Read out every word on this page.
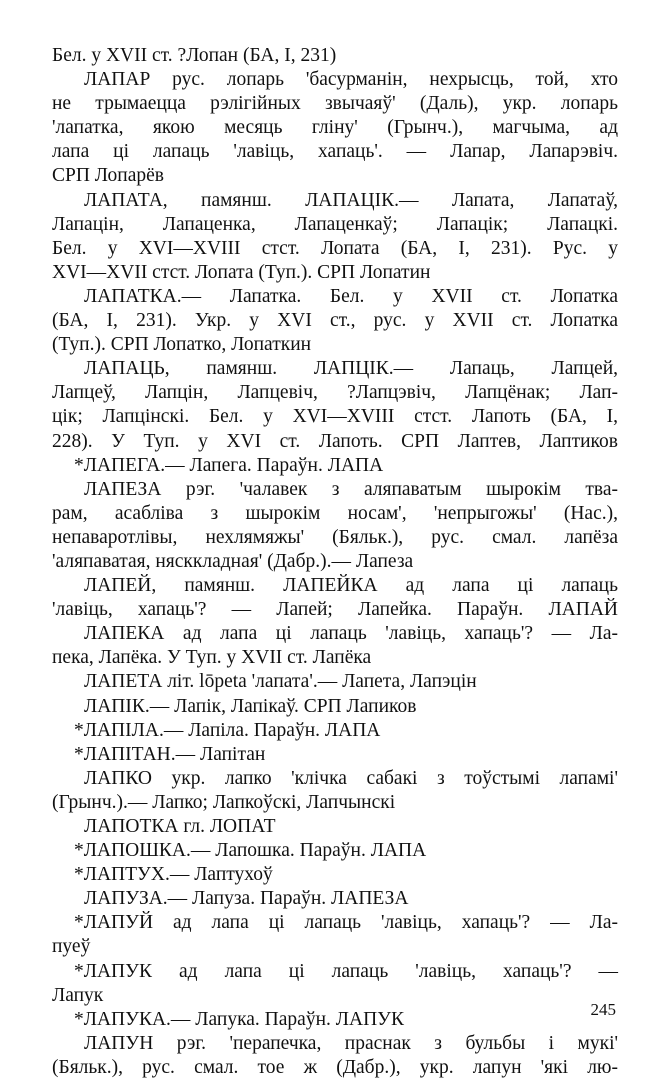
Бел. у XVII ст. ?Лопан (БА, I, 231)
ЛАПАР рус. лопарь 'басурманін, нехрысць, той, хто
не трымаецца рэлігійных звычаяў' (Даль), укр. лопарь
'лапатка, якою месяць гліну' (Грынч.), магчыма, ад
лапа ці лапаць 'лавіць, хапаць'. — Лапар, Лапарэвіч.
СРП Лопарёв
ЛАПАТА, памянш. ЛАПАЦІК.— Лапата, Лапатаў,
Лапацін, Лапаценка, Лапаценкаў; Лапацік; Лапацкі.
Бел. у XVI—XVIII стст. Лопата (БА, I, 231). Рус. у
XVI—XVII стст. Лопата (Туп.). СРП Лопатин
ЛАПАТКА.— Лапатка. Бел. у XVII ст. Лопатка
(БА, I, 231). Укр. у XVI ст., рус. у XVII ст. Лопатка
(Туп.). СРП Лопатко, Лопаткин
ЛАПАЦЬ, памянш. ЛАПЦІК.— Лапаць, Лапцей,
Лапцеў, Лапцін, Лапцевіч, ?Лапцэвіч, Лапцёнак; Лап-
цік; Лапцінскі. Бел. у XVI—XVIII стст. Лапоть (БА, I,
228). У Туп. у XVI ст. Лапоть. СРП Лаптев, Лаптиков
*ЛАПЕГА.— Лапега. Параўн. ЛАПА
ЛАПЕЗА рэг. 'чалавек з аляпаватым шырокім тва-
рам, асабліва з шырокім носам', 'непрыгожы' (Нас.),
непаваротлівы, нехлямяжы' (Бяльк.), рус. смал. лапёза
'аляпаватая, нясккладная' (Дабр.).— Лапеза
ЛАПЕЙ, памянш. ЛАПЕЙКА ад лапа ці лапаць
'лавіць, хапаць'? — Лапей; Лапейка. Параўн. ЛАПАЙ
ЛАПЕКА ад лапа ці лапаць 'лавіць, хапаць'? — Ла-
пека, Лапёка. У Туп. у XVII ст. Лапёка
ЛАПЕТА літ. lōpeta 'лапата'.— Лапета, Лапэцін
ЛАПІК.— Лапік, Лапікаў. СРП Лапиков
*ЛАПІЛА.— Лапіла. Параўн. ЛАПА
*ЛАПІТАН.— Лапітан
ЛАПКО укр. лапко 'клічка сабакі з тоўстымі лапамі'
(Грынч.).— Лапко; Лапкоўскі, Лапчынскі
ЛАПОТКА гл. ЛОПАТ
*ЛАПОШКА.— Лапошка. Параўн. ЛАПА
*ЛАПТУХ.— Лаптухоў
ЛАПУЗА.— Лапуза. Параўн. ЛАПЕЗА
*ЛАПУЙ ад лапа ці лапаць 'лавіць, хапаць'? — Ла-
пуеў
*ЛАПУК ад лапа ці лапаць 'лавіць, хапаць'? —
Лапук
*ЛАПУКА.— Лапука. Параўн. ЛАПУК
ЛАПУН рэг. 'перапечка, праснак з бульбы і мукі'
(Бяльк.), рус. смал. тое ж (Дабр.), укр. лапун 'які лю-
245
